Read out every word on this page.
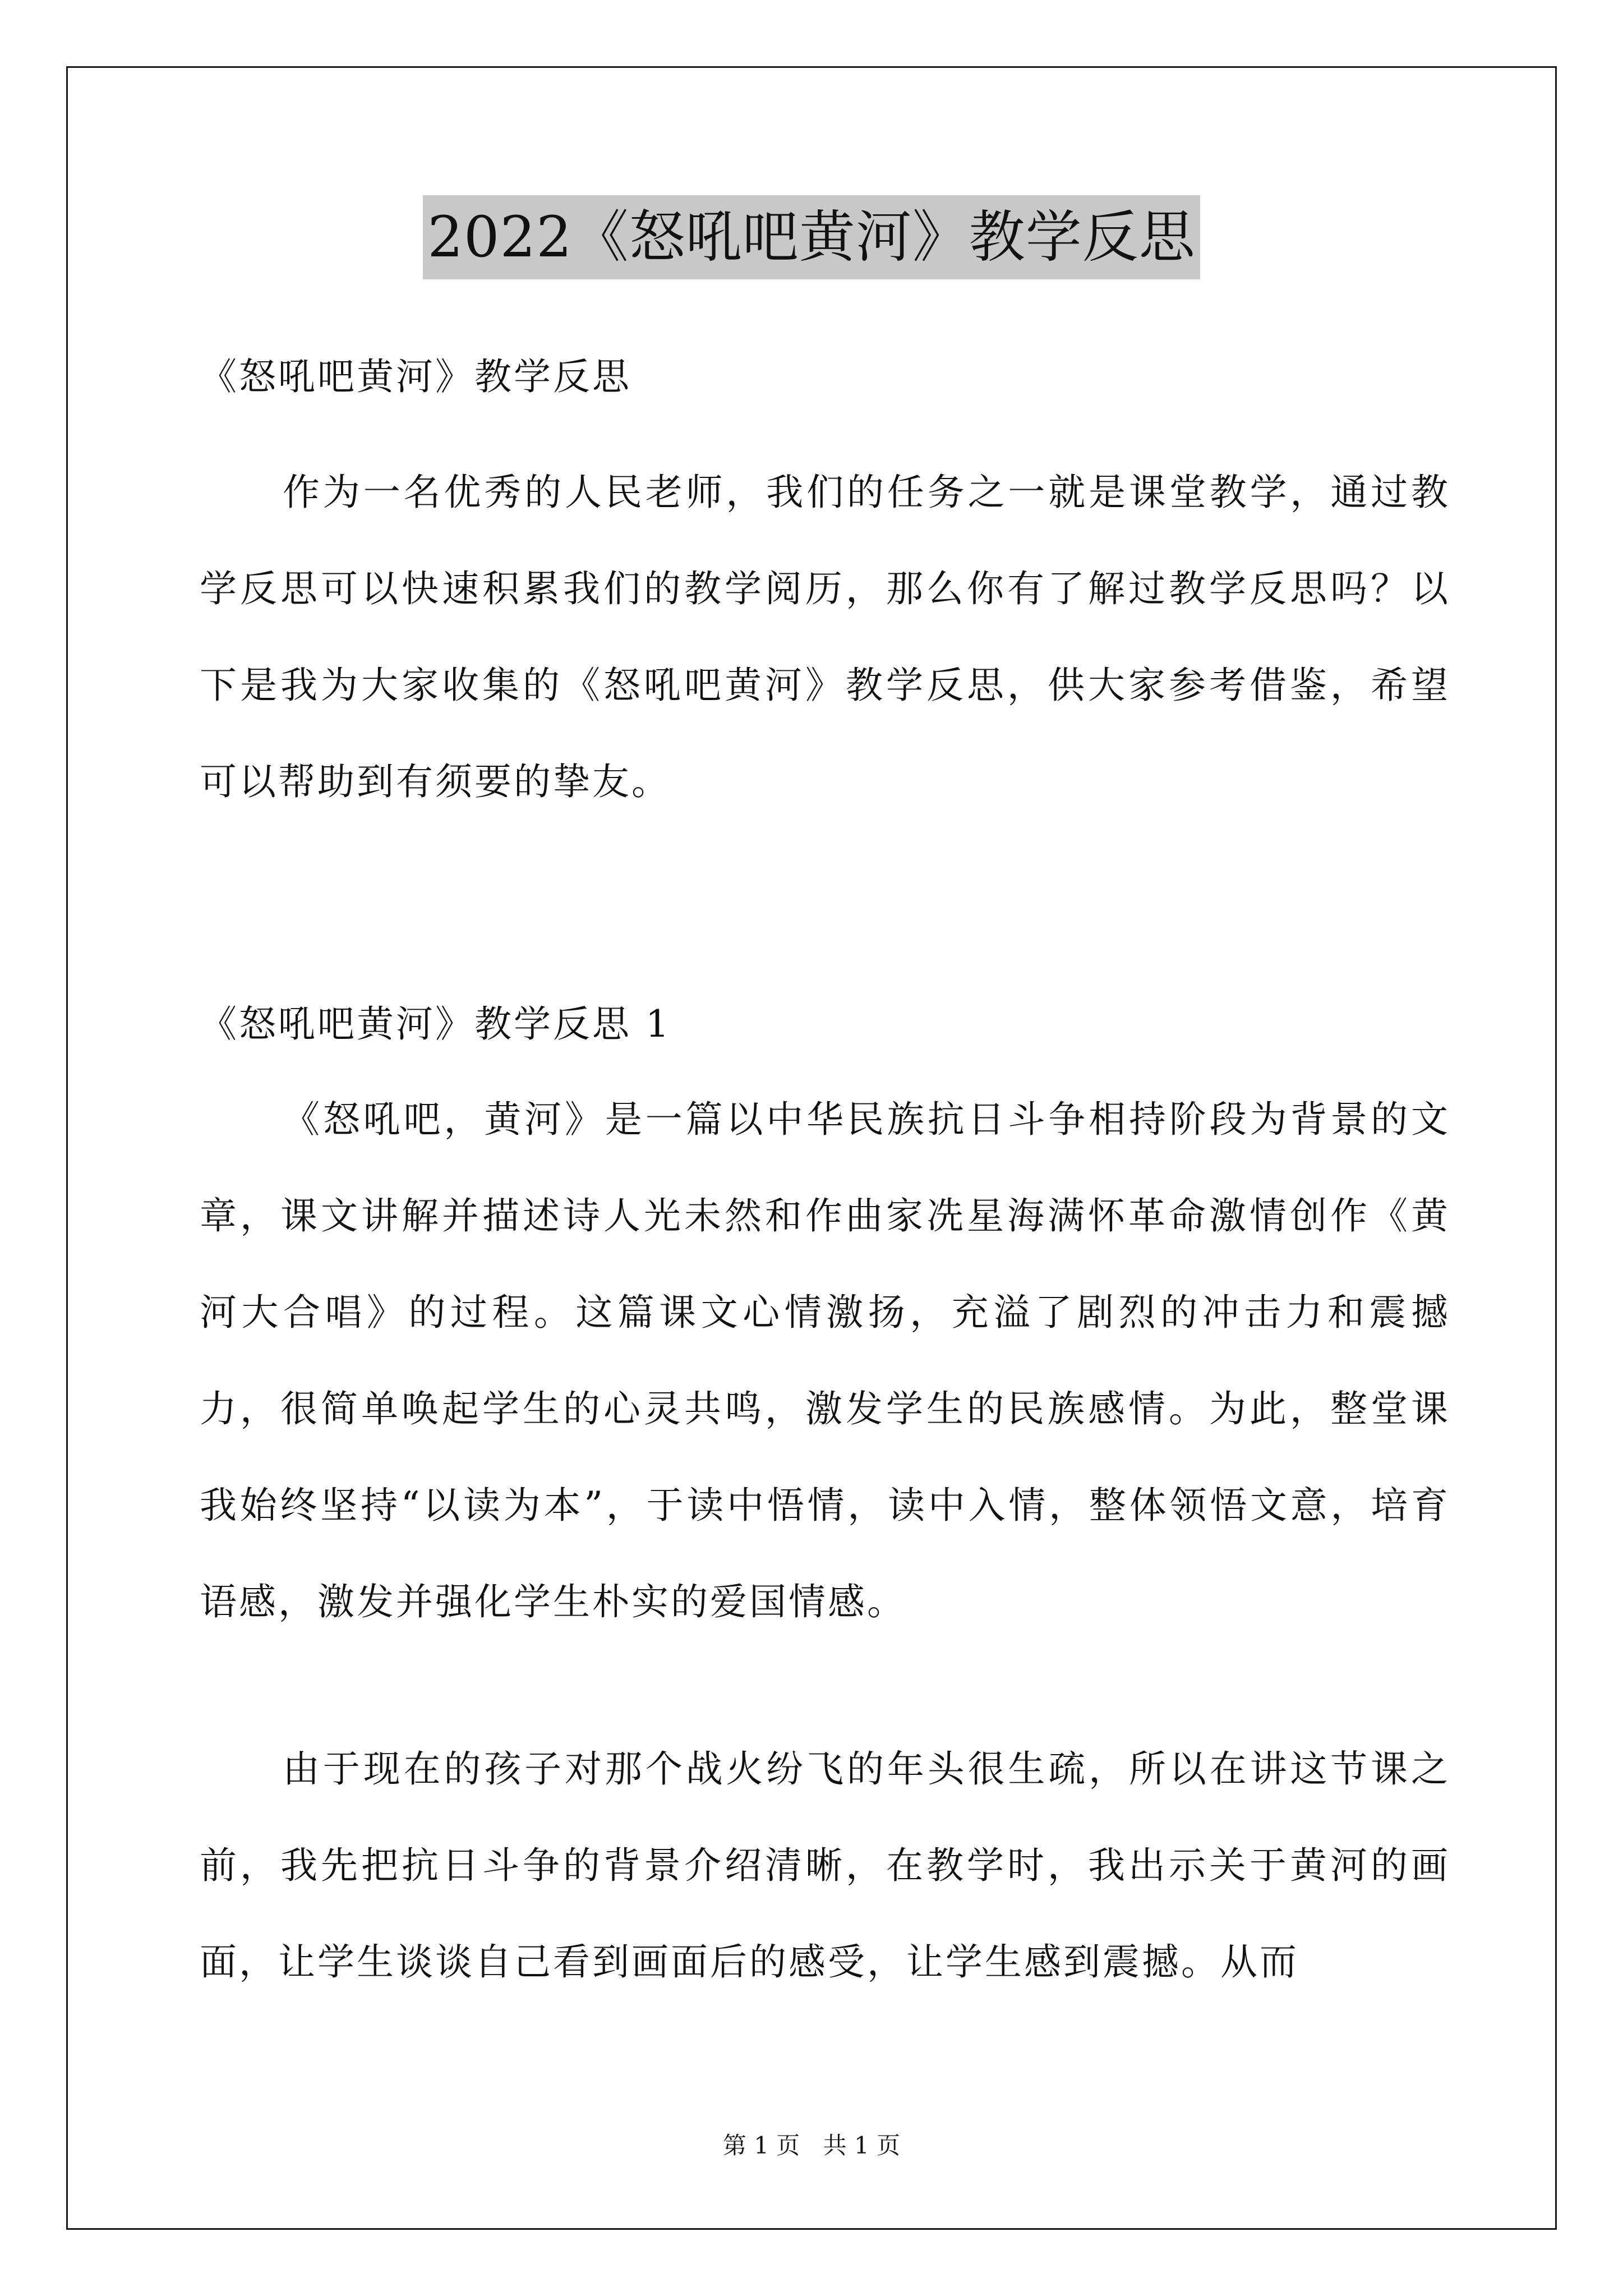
2022《怒吼吧黄河》教学反思
《怒吼吧黄河》教学反思
作为一名优秀的人民老师，我们的任务之一就是课堂教学，通过教学反思可以快速积累我们的教学阅历，那么你有了解过教学反思吗？以下是我为大家收集的《怒吼吧黄河》教学反思，供大家参考借鉴，希望可以帮助到有须要的挚友。
《怒吼吧黄河》教学反思 1
《怒吼吧，黄河》是一篇以中华民族抗日斗争相持阶段为背景的文章，课文讲解并描述诗人光未然和作曲家冼星海满怀革命激情创作《黄河大合唱》的过程。这篇课文心情激扬，充溢了剧烈的冲击力和震撼力，很简单唤起学生的心灵共鸣，激发学生的民族感情。为此，整堂课我始终坚持“以读为本”，于读中悟情，读中入情，整体领悟文意，培育语感，激发并强化学生朴实的爱国情感。
由于现在的孩子对那个战火纷飞的年头很生疏，所以在讲这节课之前，我先把抗日斗争的背景介绍清晰，在教学时，我出示关于黄河的画面，让学生谈谈自己看到画面后的感受，让学生感到震撼。从而
第 1 页 共 1 页
